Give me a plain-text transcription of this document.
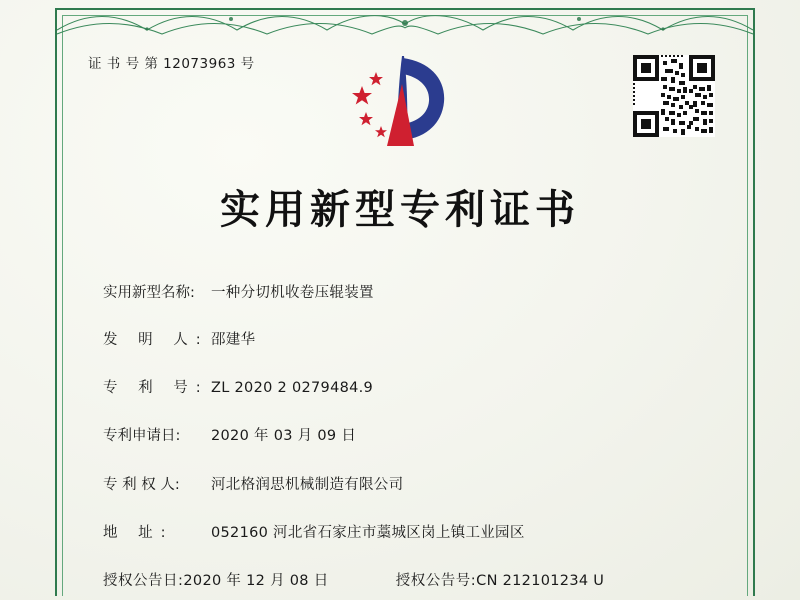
证 书 号 第 12073963 号
实用新型专利证书
实用新型名称: 一种分切机收卷压辊装置
发 明 人: 邵建华
专 利 号: ZL 2020 2 0279484.9
专利申请日: 2020 年 03 月 09 日
专 利 权 人: 河北格润思机械制造有限公司
地 址:	052160 河北省石家庄市藁城区岗上镇工业园区
授权公告日:2020 年 12 月 08 日	授权公告号:CN 212101234 U
